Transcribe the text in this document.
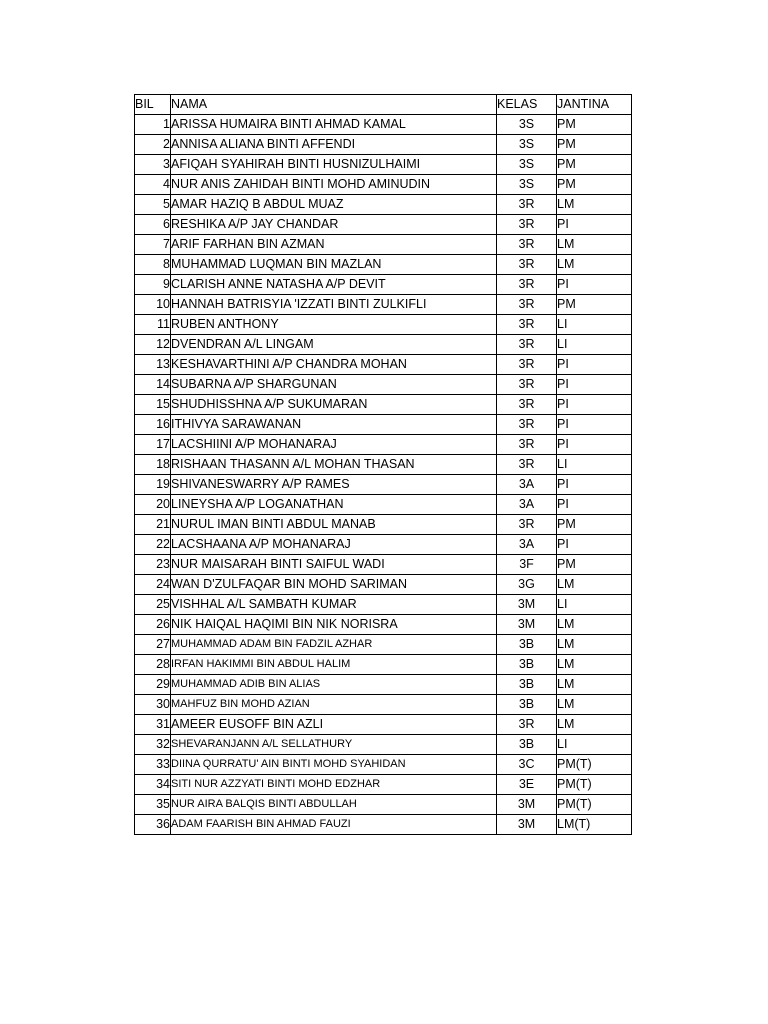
BIL	NAMA	KELAS	JANTINA
1	ARISSA HUMAIRA BINTI AHMAD KAMAL	3S	PM
2	ANNISA ALIANA BINTI AFFENDI	3S	PM
3	AFIQAH SYAHIRAH BINTI HUSNIZULHAIMI	3S	PM
4	NUR ANIS ZAHIDAH BINTI MOHD AMINUDIN	3S	PM
5	AMAR HAZIQ B ABDUL MUAZ	3R	LM
6	RESHIKA A/P JAY CHANDAR	3R	PI
7	ARIF FARHAN BIN AZMAN	3R	LM
8	MUHAMMAD LUQMAN BIN MAZLAN	3R	LM
9	CLARISH ANNE NATASHA A/P DEVIT	3R	PI
10	HANNAH BATRISYIA 'IZZATI BINTI ZULKIFLI	3R	PM
11	RUBEN ANTHONY	3R	LI
12	DVENDRAN A/L LINGAM	3R	LI
13	KESHAVARTHINI A/P CHANDRA MOHAN	3R	PI
14	SUBARNA A/P SHARGUNAN	3R	PI
15	SHUDHISSHNA A/P SUKUMARAN	3R	PI
16	ITHIVYA SARAWANAN	3R	PI
17	LACSHIINI A/P MOHANARAJ	3R	PI
18	RISHAAN THASANN A/L MOHAN THASAN	3R	LI
19	SHIVANESWARRY A/P RAMES	3A	PI
20	LINEYSHA A/P LOGANATHAN	3A	PI
21	NURUL IMAN BINTI ABDUL MANAB	3R	PM
22	LACSHAANA A/P MOHANARAJ	3A	PI
23	NUR MAISARAH BINTI SAIFUL WADI	3F	PM
24	WAN D'ZULFAQAR BIN MOHD SARIMAN	3G	LM
25	VISHHAL A/L SAMBATH KUMAR	3M	LI
26	NIK HAIQAL HAQIMI BIN NIK NORISRA	3M	LM
27	MUHAMMAD ADAM BIN FADZIL AZHAR	3B	LM
28	IRFAN HAKIMMI BIN ABDUL HALIM	3B	LM
29	MUHAMMAD ADIB BIN ALIAS	3B	LM
30	MAHFUZ BIN MOHD AZIAN	3B	LM
31	AMEER EUSOFF BIN AZLI	3R	LM
32	SHEVARANJANN A/L SELLATHURY	3B	LI
33	DIINA QURRATU' AIN BINTI MOHD SYAHIDAN	3C	PM(T)
34	SITI NUR AZZYATI BINTI MOHD EDZHAR	3E	PM(T)
35	NUR AIRA BALQIS BINTI ABDULLAH	3M	PM(T)
36	ADAM FAARISH BIN AHMAD FAUZI	3M	LM(T)
